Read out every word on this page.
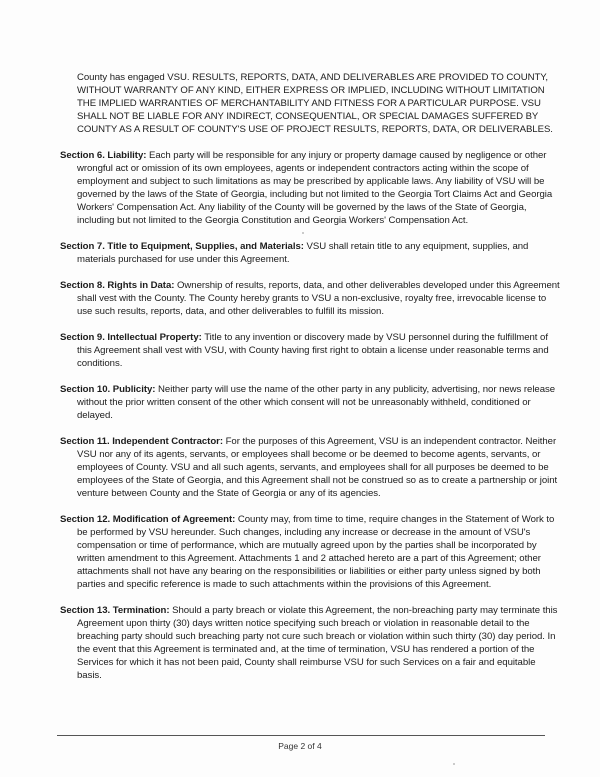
County has engaged VSU. RESULTS, REPORTS, DATA, AND DELIVERABLES ARE PROVIDED TO COUNTY, WITHOUT WARRANTY OF ANY KIND, EITHER EXPRESS OR IMPLIED, INCLUDING WITHOUT LIMITATION THE IMPLIED WARRANTIES OF MERCHANTABILITY AND FITNESS FOR A PARTICULAR PURPOSE. VSU SHALL NOT BE LIABLE FOR ANY INDIRECT, CONSEQUENTIAL, OR SPECIAL DAMAGES SUFFERED BY COUNTY AS A RESULT OF COUNTY'S USE OF PROJECT RESULTS, REPORTS, DATA, OR DELIVERABLES.

Section 6. Liability: Each party will be responsible for any injury or property damage caused by negligence or other wrongful act or omission of its own employees, agents or independent contractors acting within the scope of employment and subject to such limitations as may be prescribed by applicable laws. Any liability of VSU will be governed by the laws of the State of Georgia, including but not limited to the Georgia Tort Claims Act and Georgia Workers' Compensation Act. Any liability of the County will be governed by the laws of the State of Georgia, including but not limited to the Georgia Constitution and Georgia Workers' Compensation Act.

Section 7. Title to Equipment, Supplies, and Materials: VSU shall retain title to any equipment, supplies, and materials purchased for use under this Agreement.

Section 8. Rights in Data: Ownership of results, reports, data, and other deliverables developed under this Agreement shall vest with the County. The County hereby grants to VSU a non-exclusive, royalty free, irrevocable license to use such results, reports, data, and other deliverables to fulfill its mission.

Section 9. Intellectual Property: Title to any invention or discovery made by VSU personnel during the fulfillment of this Agreement shall vest with VSU, with County having first right to obtain a license under reasonable terms and conditions.

Section 10. Publicity: Neither party will use the name of the other party in any publicity, advertising, nor news release without the prior written consent of the other which consent will not be unreasonably withheld, conditioned or delayed.

Section 11. Independent Contractor: For the purposes of this Agreement, VSU is an independent contractor. Neither VSU nor any of its agents, servants, or employees shall become or be deemed to become agents, servants, or employees of County. VSU and all such agents, servants, and employees shall for all purposes be deemed to be employees of the State of Georgia, and this Agreement shall not be construed so as to create a partnership or joint venture between County and the State of Georgia or any of its agencies.

Section 12. Modification of Agreement: County may, from time to time, require changes in the Statement of Work to be performed by VSU hereunder. Such changes, including any increase or decrease in the amount of VSU's compensation or time of performance, which are mutually agreed upon by the parties shall be incorporated by written amendment to this Agreement. Attachments 1 and 2 attached hereto are a part of this Agreement; other attachments shall not have any bearing on the responsibilities or liabilities or either party unless signed by both parties and specific reference is made to such attachments within the provisions of this Agreement.

Section 13. Termination: Should a party breach or violate this Agreement, the non-breaching party may terminate this Agreement upon thirty (30) days written notice specifying such breach or violation in reasonable detail to the breaching party should such breaching party not cure such breach or violation within such thirty (30) day period. In the event that this Agreement is terminated and, at the time of termination, VSU has rendered a portion of the Services for which it has not been paid, County shall reimburse VSU for such Services on a fair and equitable basis.

Page 2 of 4
